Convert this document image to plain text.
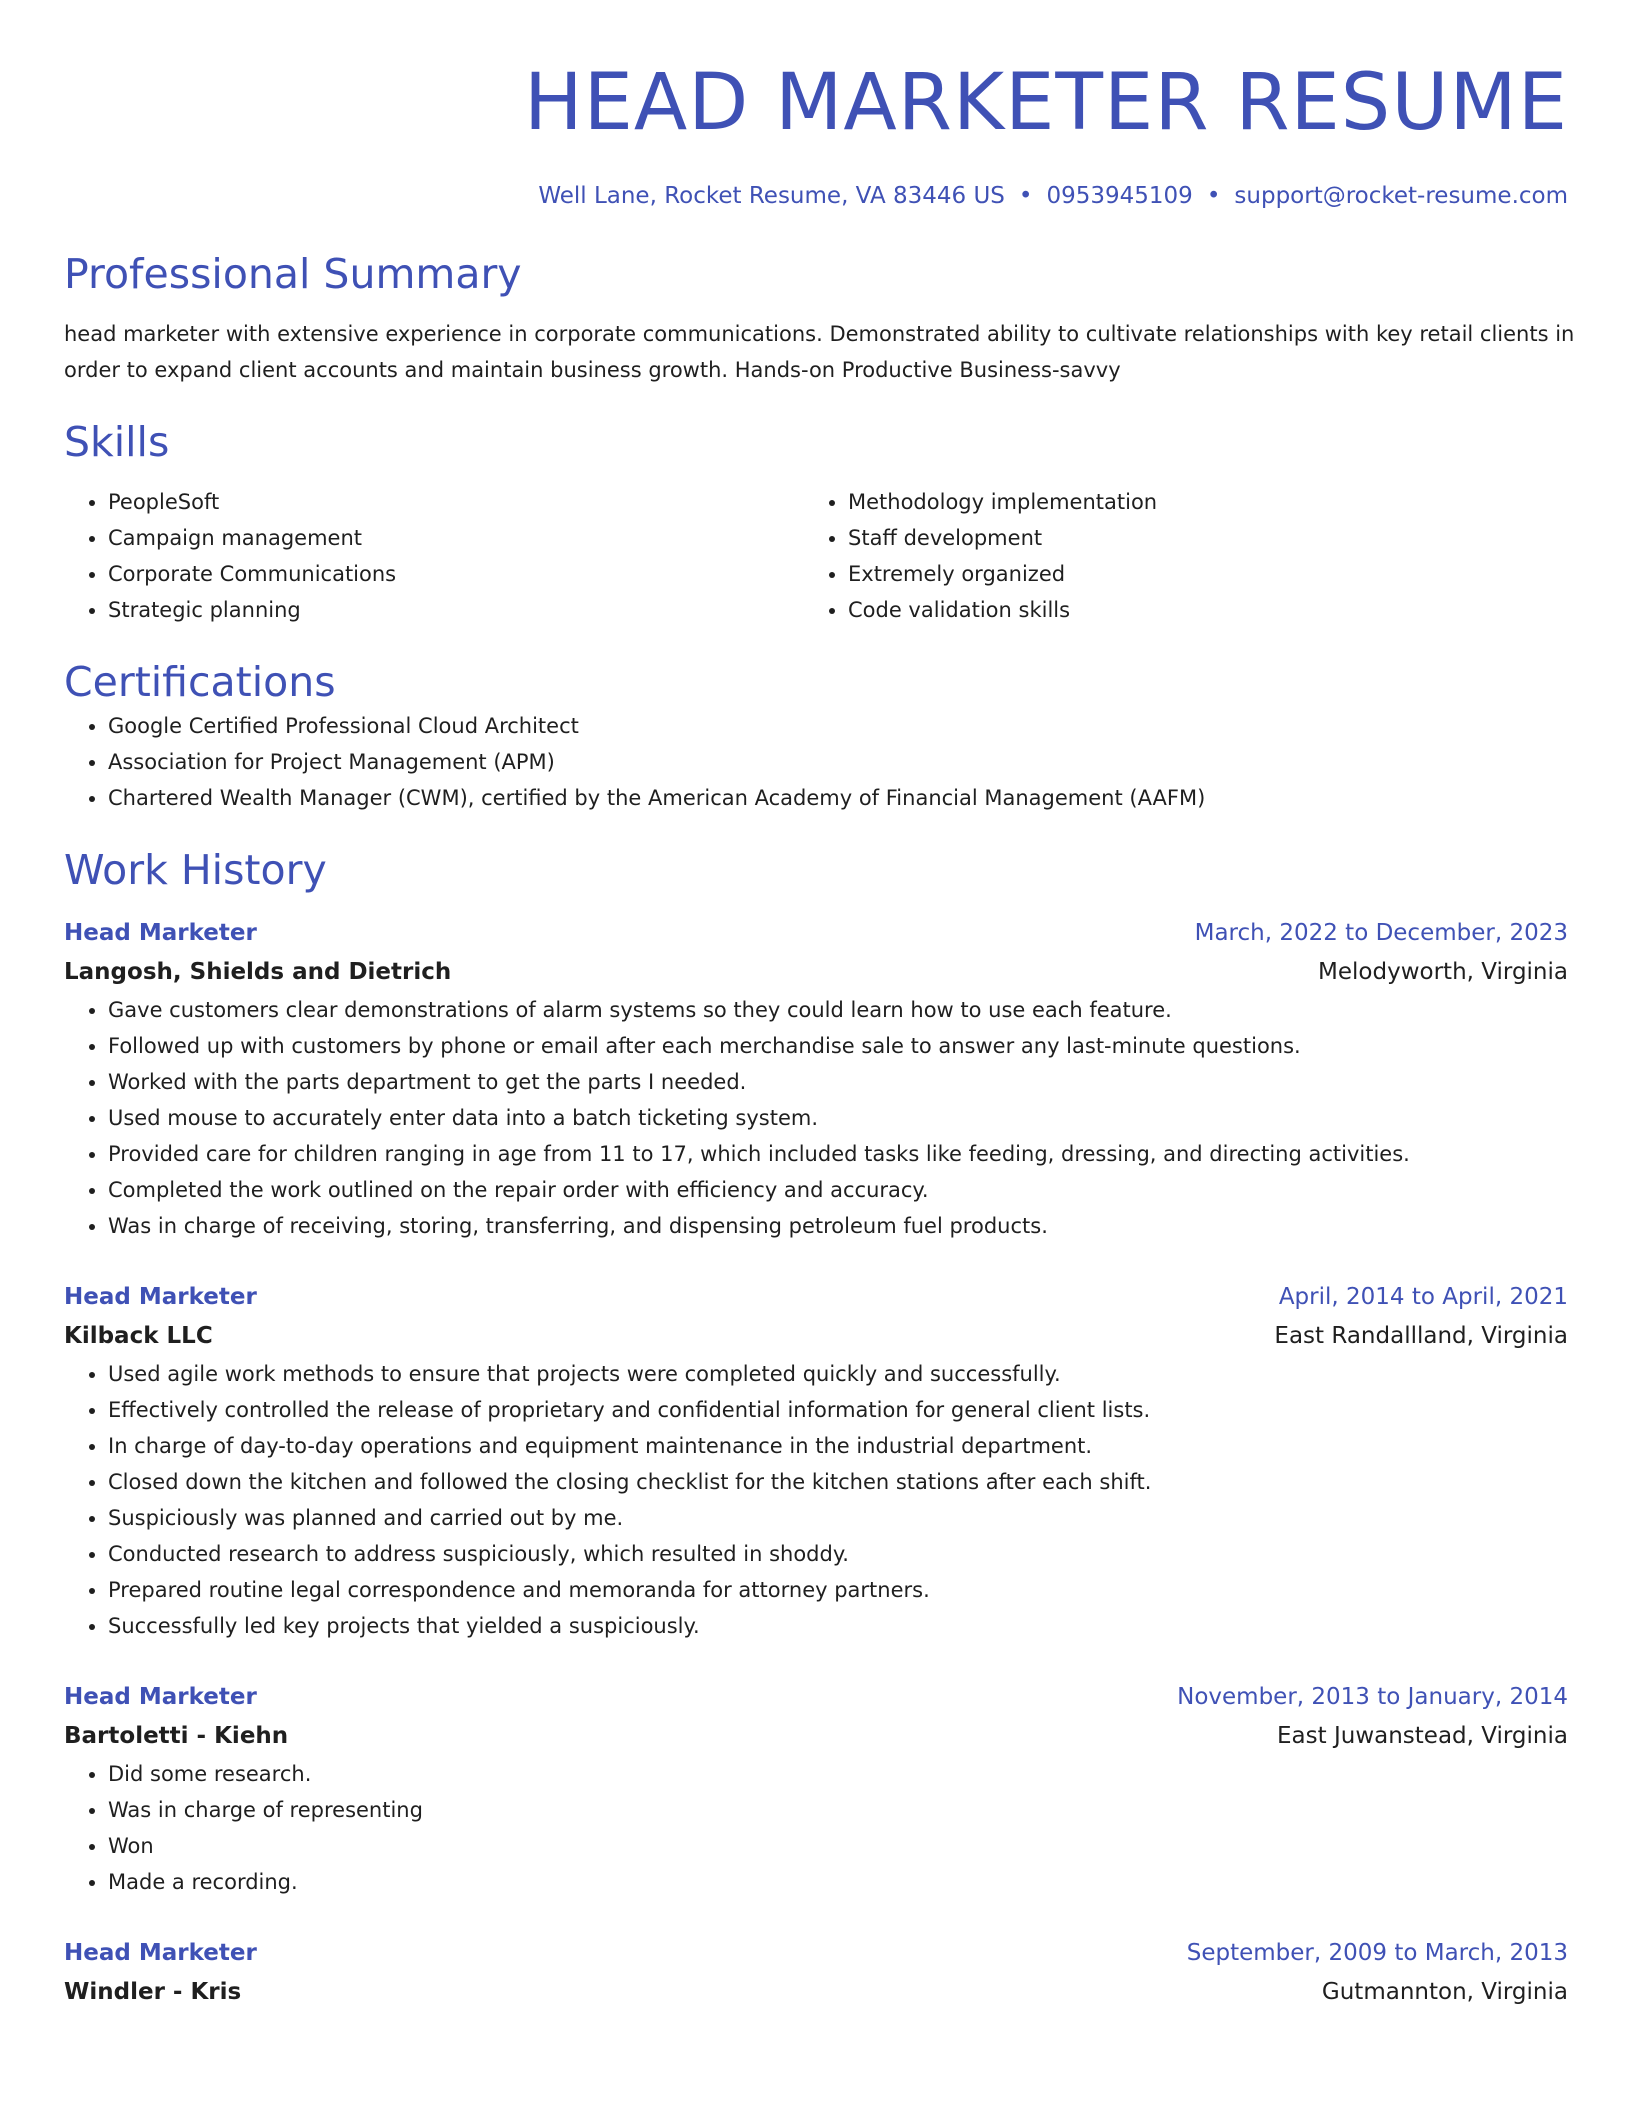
HEAD MARKETER RESUME
Well Lane, Rocket Resume, VA 83446 US • 0953945109 • support@rocket-resume.com
Professional Summary
head marketer with extensive experience in corporate communications. Demonstrated ability to cultivate relationships with key retail clients in order to expand client accounts and maintain business growth. Hands-on Productive Business-savvy
Skills
• PeopleSoft
• Campaign management
• Corporate Communications
• Strategic planning
• Methodology implementation
• Staff development
• Extremely organized
• Code validation skills
Certifications
• Google Certified Professional Cloud Architect
• Association for Project Management (APM)
• Chartered Wealth Manager (CWM), certified by the American Academy of Financial Management (AAFM)
Work History
Head Marketer	March, 2022 to December, 2023
Langosh, Shields and Dietrich	Melodyworth, Virginia
• Gave customers clear demonstrations of alarm systems so they could learn how to use each feature.
• Followed up with customers by phone or email after each merchandise sale to answer any last-minute questions.
• Worked with the parts department to get the parts I needed.
• Used mouse to accurately enter data into a batch ticketing system.
• Provided care for children ranging in age from 11 to 17, which included tasks like feeding, dressing, and directing activities.
• Completed the work outlined on the repair order with efficiency and accuracy.
• Was in charge of receiving, storing, transferring, and dispensing petroleum fuel products.
Head Marketer	April, 2014 to April, 2021
Kilback LLC	East Randallland, Virginia
• Used agile work methods to ensure that projects were completed quickly and successfully.
• Effectively controlled the release of proprietary and confidential information for general client lists.
• In charge of day-to-day operations and equipment maintenance in the industrial department.
• Closed down the kitchen and followed the closing checklist for the kitchen stations after each shift.
• Suspiciously was planned and carried out by me.
• Conducted research to address suspiciously, which resulted in shoddy.
• Prepared routine legal correspondence and memoranda for attorney partners.
• Successfully led key projects that yielded a suspiciously.
Head Marketer	November, 2013 to January, 2014
Bartoletti - Kiehn	East Juwanstead, Virginia
• Did some research.
• Was in charge of representing
• Won
• Made a recording.
Head Marketer	September, 2009 to March, 2013
Windler - Kris	Gutmannton, Virginia
